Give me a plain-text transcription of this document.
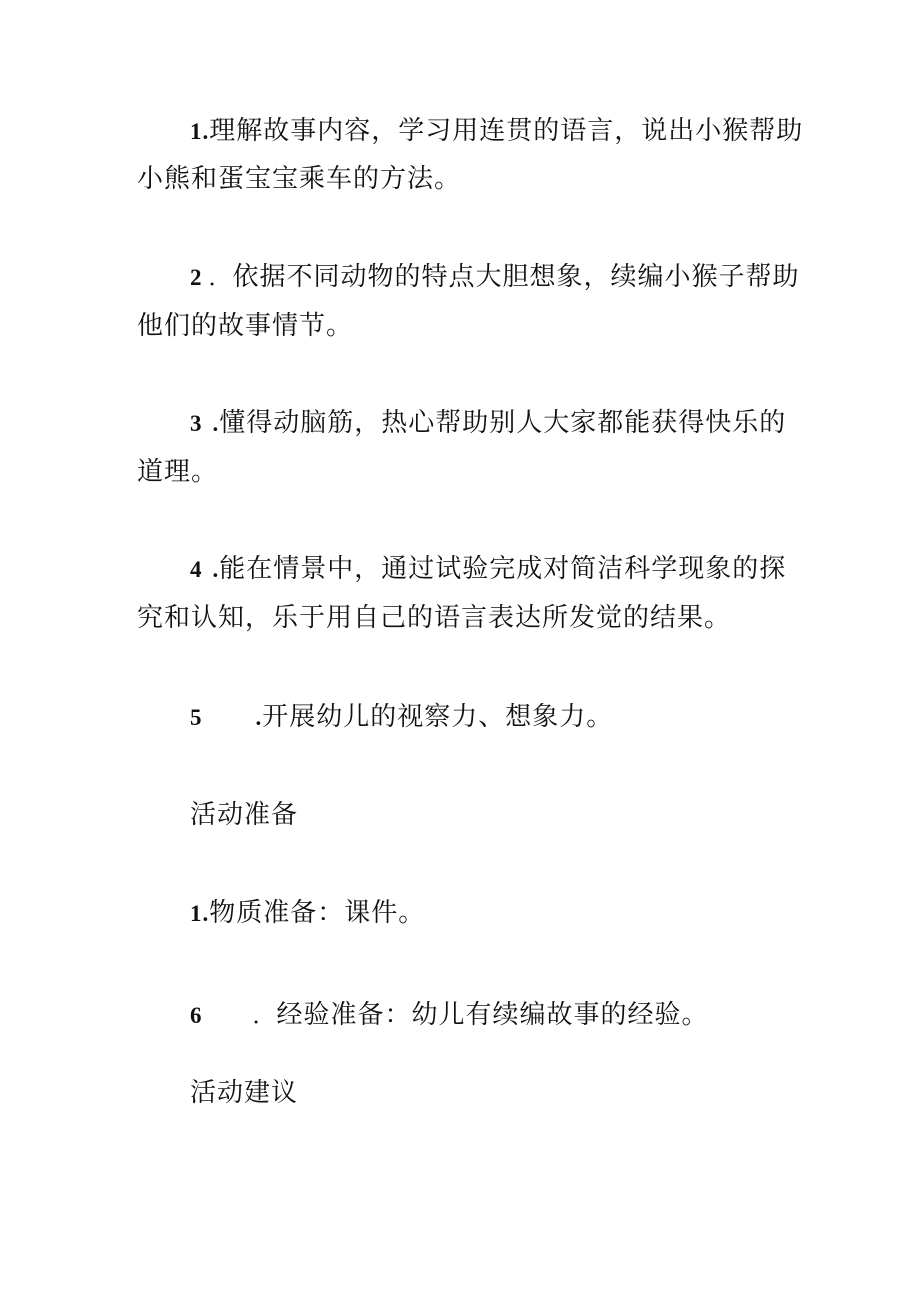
1.理解故事内容，学习用连贯的语言，说出小猴帮助
小熊和蛋宝宝乘车的方法。
2 ．依据不同动物的特点大胆想象，续编小猴子帮助
他们的故事情节。
3 .懂得动脑筋，热心帮助别人大家都能获得快乐的
道理。
4 .能在情景中，通过试验完成对简洁科学现象的探
究和认知，乐于用自己的语言表达所发觉的结果。
5 .开展幼儿的视察力、想象力。
活动准备
1.物质准备：课件。
6 ．经验准备：幼儿有续编故事的经验。
活动建议
